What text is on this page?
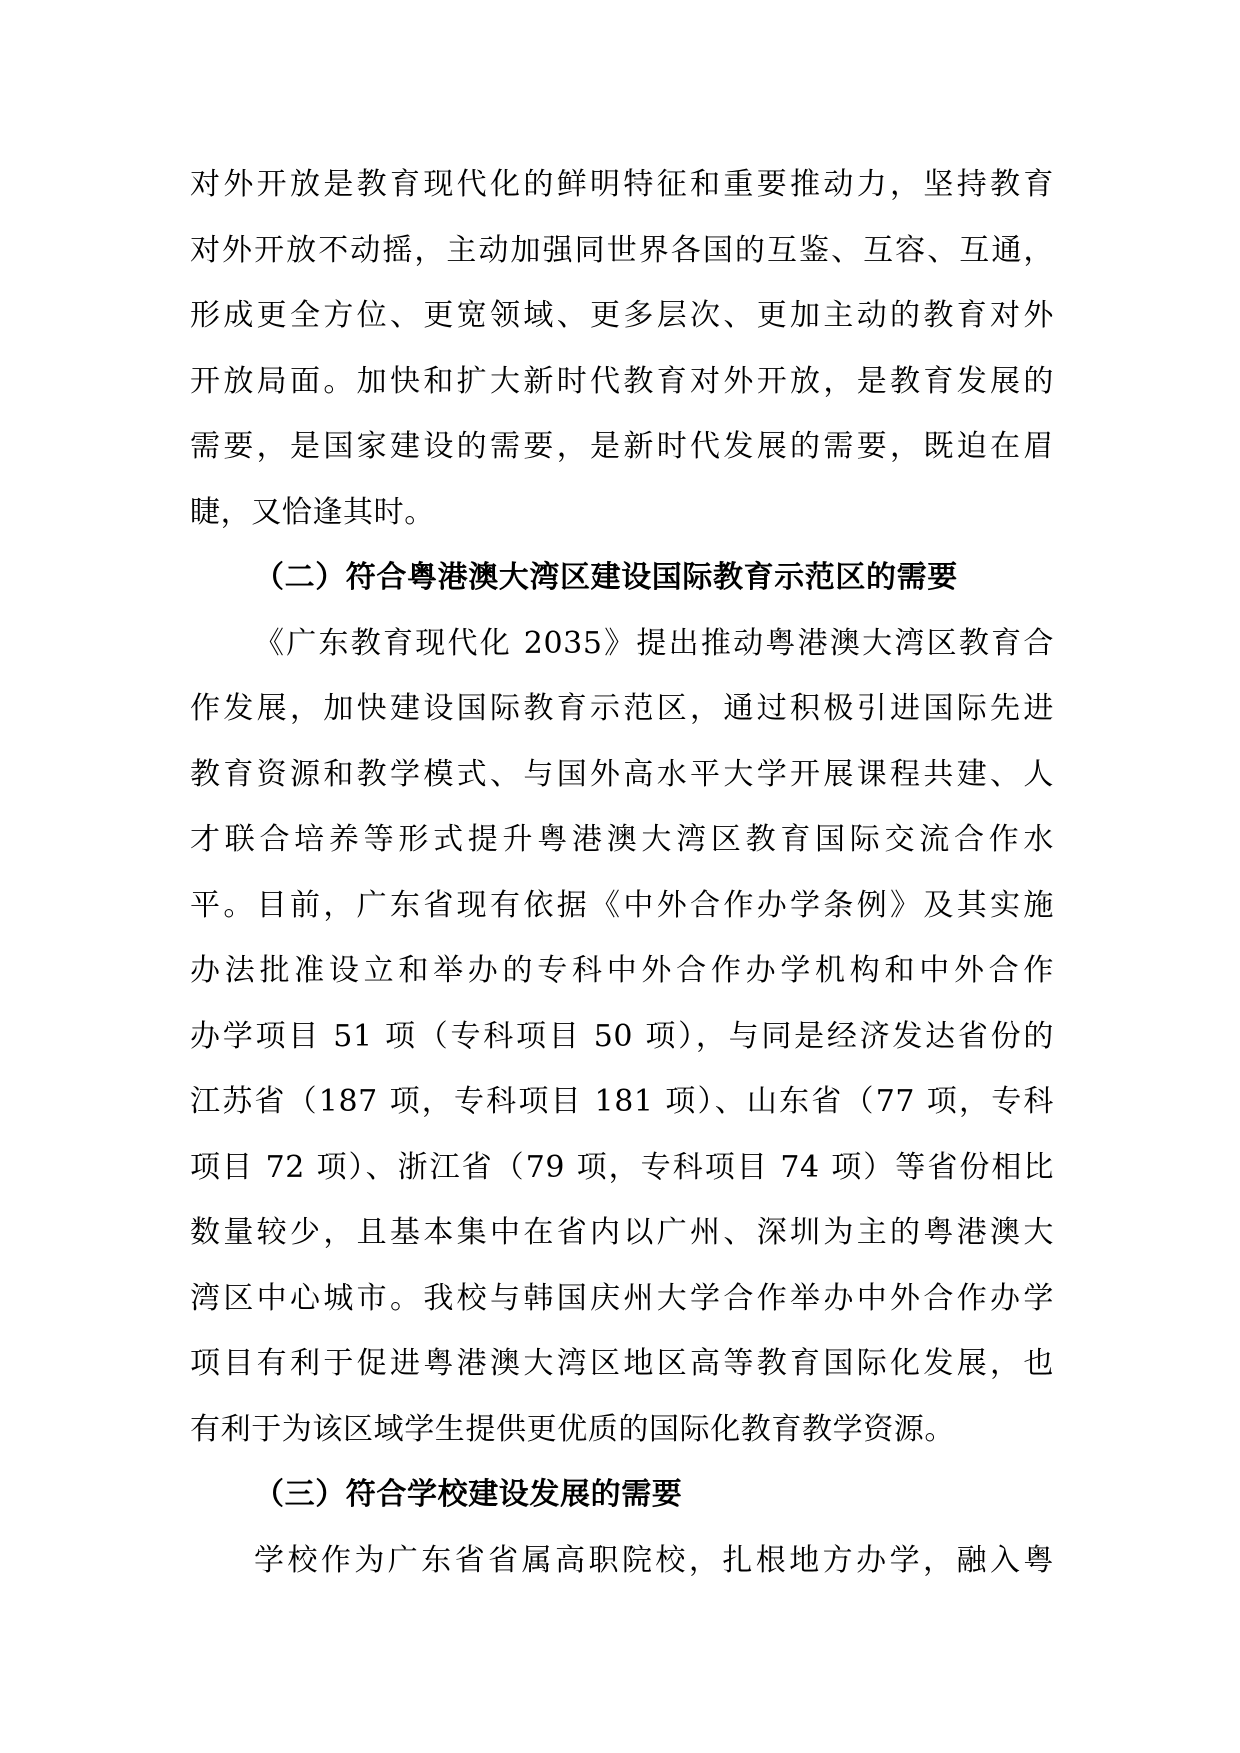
对外开放是教育现代化的鲜明特征和重要推动力，坚持教育
对外开放不动摇，主动加强同世界各国的互鉴、互容、互通，
形成更全方位、更宽领域、更多层次、更加主动的教育对外
开放局面。加快和扩大新时代教育对外开放，是教育发展的
需要，是国家建设的需要，是新时代发展的需要，既迫在眉
睫，又恰逢其时。
（二）符合粤港澳大湾区建设国际教育示范区的需要
《广东教育现代化 2035》提出推动粤港澳大湾区教育合
作发展，加快建设国际教育示范区，通过积极引进国际先进
教育资源和教学模式、与国外高水平大学开展课程共建、人
才联合培养等形式提升粤港澳大湾区教育国际交流合作水
平。目前，广东省现有依据《中外合作办学条例》及其实施
办法批准设立和举办的专科中外合作办学机构和中外合作
办学项目 51 项（专科项目 50 项），与同是经济发达省份的
江苏省（187 项，专科项目 181 项）、山东省（77 项，专科
项目 72 项）、浙江省（79 项，专科项目 74 项）等省份相比
数量较少，且基本集中在省内以广州、深圳为主的粤港澳大
湾区中心城市。我校与韩国庆州大学合作举办中外合作办学
项目有利于促进粤港澳大湾区地区高等教育国际化发展，也
有利于为该区域学生提供更优质的国际化教育教学资源。
（三）符合学校建设发展的需要
学校作为广东省省属高职院校，扎根地方办学，融入粤
